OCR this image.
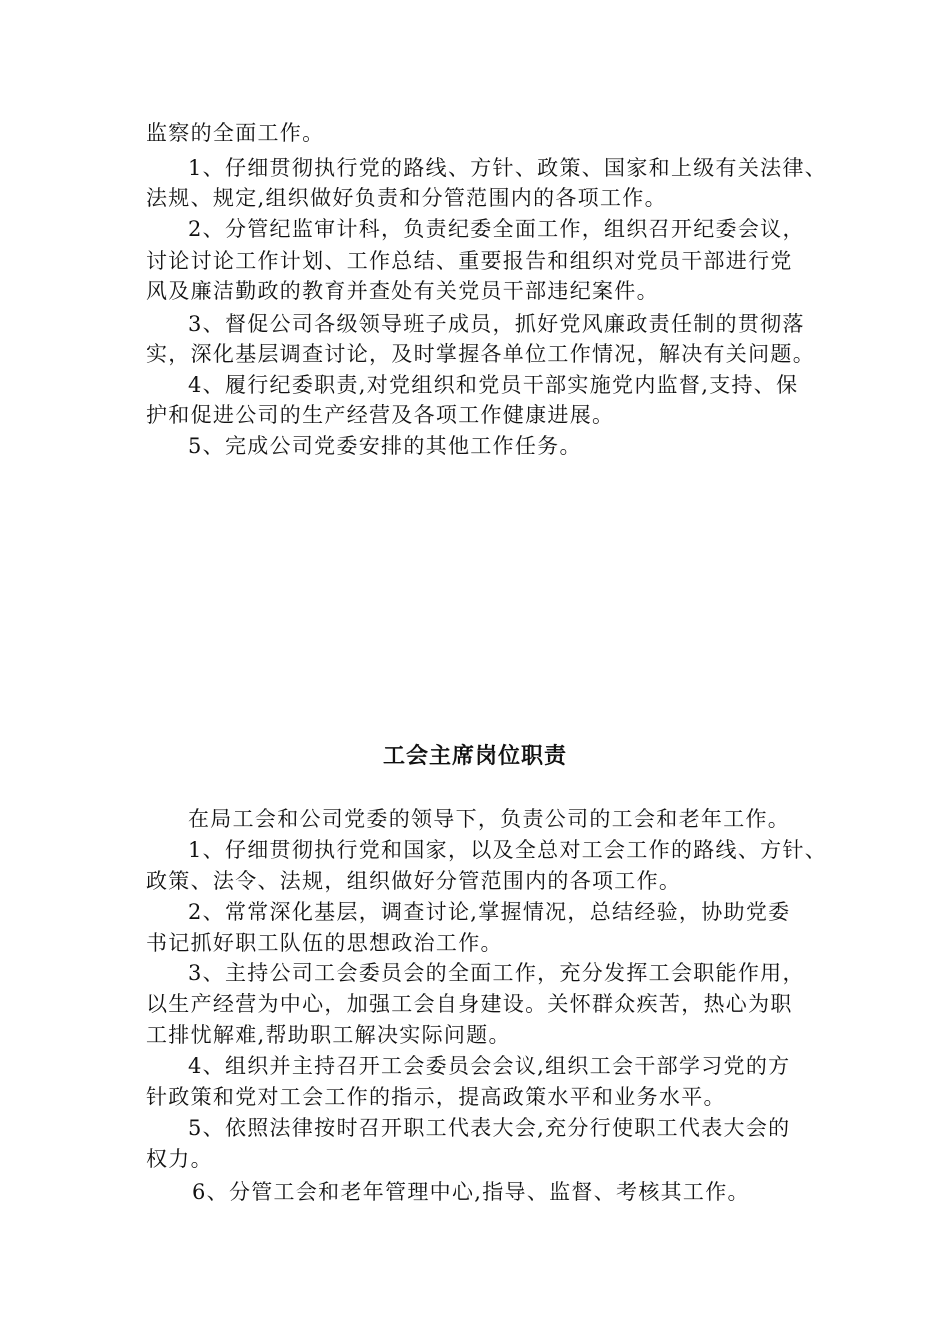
监察的全面工作。
1、仔细贯彻执行党的路线、方针、政策、国家和上级有关法律、
法规、规定,组织做好负责和分管范围内的各项工作。
2、分管纪监审计科，负责纪委全面工作，组织召开纪委会议，
讨论讨论工作计划、工作总结、重要报告和组织对党员干部进行党
风及廉洁勤政的教育并查处有关党员干部违纪案件。
3、督促公司各级领导班子成员，抓好党风廉政责任制的贯彻落
实，深化基层调查讨论，及时掌握各单位工作情况，解决有关问题。
4、履行纪委职责,对党组织和党员干部实施党内监督,支持、保
护和促进公司的生产经营及各项工作健康进展。
5、完成公司党委安排的其他工作任务。
工会主席岗位职责
在局工会和公司党委的领导下，负责公司的工会和老年工作。
1、仔细贯彻执行党和国家，以及全总对工会工作的路线、方针、
政策、法令、法规，组织做好分管范围内的各项工作。
2、常常深化基层，调查讨论,掌握情况，总结经验，协助党委
书记抓好职工队伍的思想政治工作。
3、主持公司工会委员会的全面工作，充分发挥工会职能作用，
以生产经营为中心，加强工会自身建设。关怀群众疾苦，热心为职
工排忧解难,帮助职工解决实际问题。
4、组织并主持召开工会委员会会议,组织工会干部学习党的方
针政策和党对工会工作的指示，提高政策水平和业务水平。
5、依照法律按时召开职工代表大会,充分行使职工代表大会的
权力。
6、分管工会和老年管理中心,指导、监督、考核其工作。
